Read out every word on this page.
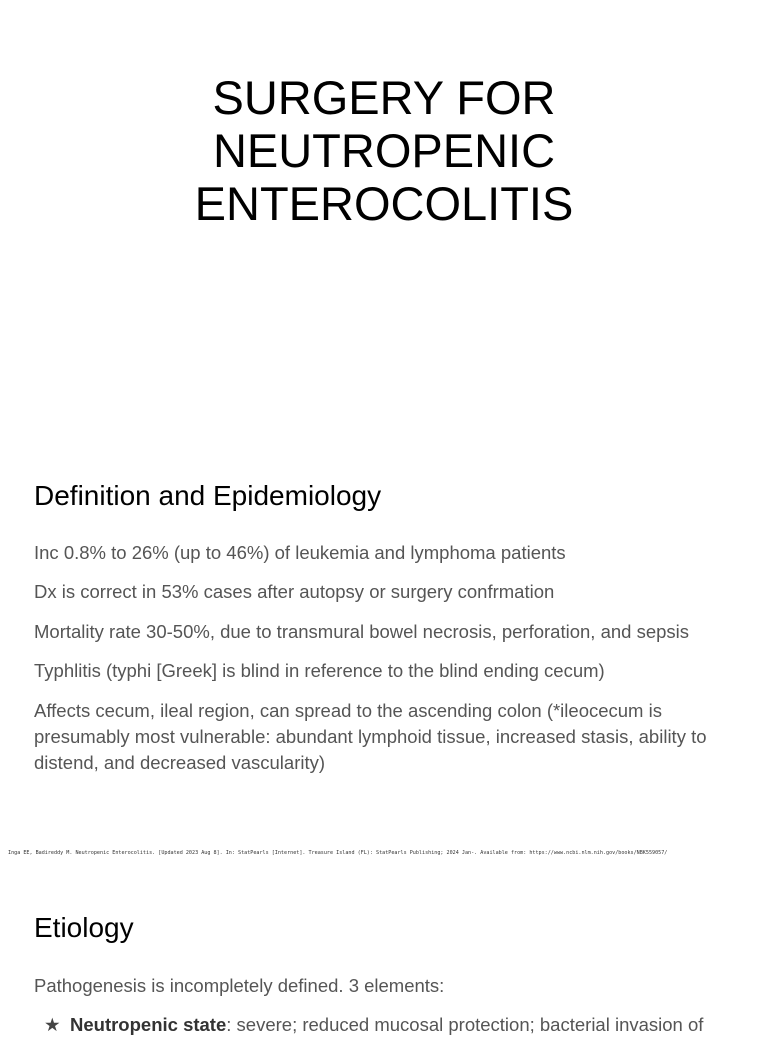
SURGERY FOR
NEUTROPENIC
ENTEROCOLITIS
Definition and Epidemiology
Inc 0.8% to 26% (up to 46%) of leukemia and lymphoma patients
Dx is correct in 53% cases after autopsy or surgery confrmation
Mortality rate 30-50%, due to transmural bowel necrosis, perforation, and sepsis
Typhlitis (typhi [Greek] is blind in reference to the blind ending cecum)
Affects cecum, ileal region, can spread to the ascending colon (*ileocecum is presumably most vulnerable: abundant lymphoid tissue, increased stasis, ability to distend, and decreased vascularity)
Inga EE, Badireddy M. Neutropenic Enterocolitis. [Updated 2023 Aug 8]. In: StatPearls [Internet]. Treasure Island (FL): StatPearls Publishing; 2024 Jan-. Available from: https://www.ncbi.nlm.nih.gov/books/NBK559057/
Etiology
Pathogenesis is incompletely defined. 3 elements:
★ Neutropenic state: severe; reduced mucosal protection; bacterial invasion of
